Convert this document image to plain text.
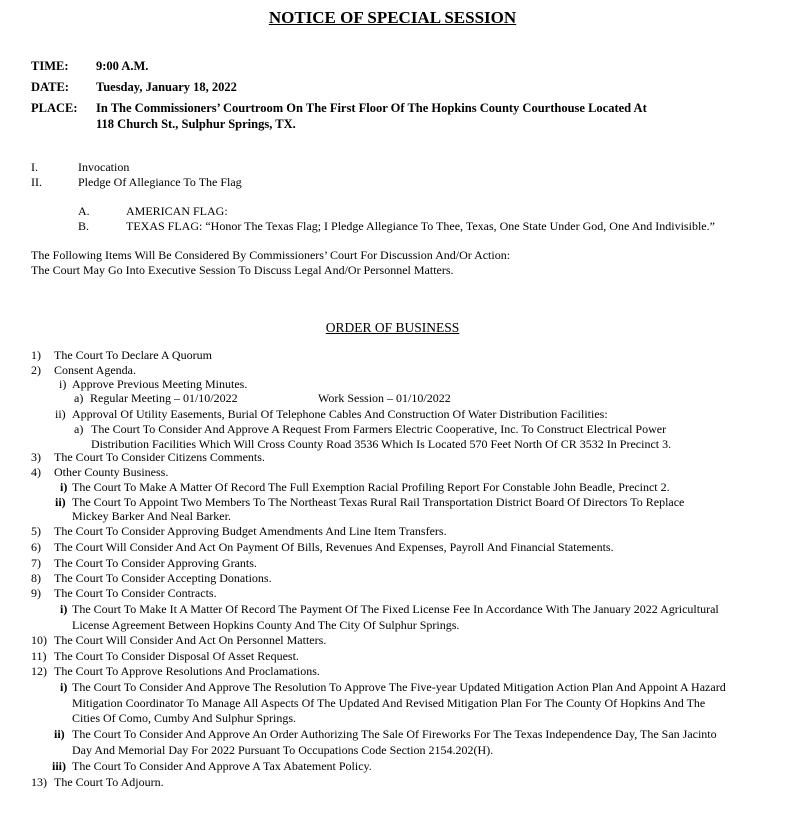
NOTICE OF SPECIAL SESSION
TIME: 9:00 A.M.
DATE: Tuesday, January 18, 2022
PLACE: In The Commissioners’ Courtroom On The First Floor Of The Hopkins County Courthouse Located At
118 Church St., Sulphur Springs, TX.
I.	Invocation
II.	Pledge Of Allegiance To The Flag
A.	AMERICAN FLAG:
B.	TEXAS FLAG: “Honor The Texas Flag; I Pledge Allegiance To Thee, Texas, One State Under God, One And Indivisible.”
The Following Items Will Be Considered By Commissioners’ Court For Discussion And/Or Action:
The Court May Go Into Executive Session To Discuss Legal And/Or Personnel Matters.
ORDER OF BUSINESS
1) The Court To Declare A Quorum
2) Consent Agenda.
i) Approve Previous Meeting Minutes.
a) Regular Meeting – 01/10/2022	Work Session – 01/10/2022
ii) Approval Of Utility Easements, Burial Of Telephone Cables And Construction Of Water Distribution Facilities:
a) The Court To Consider And Approve A Request From Farmers Electric Cooperative, Inc. To Construct Electrical Power
Distribution Facilities Which Will Cross County Road 3536 Which Is Located 570 Feet North Of CR 3532 In Precinct 3.
3) The Court To Consider Citizens Comments.
4) Other County Business.
i) The Court To Make A Matter Of Record The Full Exemption Racial Profiling Report For Constable John Beadle, Precinct 2.
ii) The Court To Appoint Two Members To The Northeast Texas Rural Rail Transportation District Board Of Directors To Replace
Mickey Barker And Neal Barker.
5) The Court To Consider Approving Budget Amendments And Line Item Transfers.
6) The Court Will Consider And Act On Payment Of Bills, Revenues And Expenses, Payroll And Financial Statements.
7) The Court To Consider Approving Grants.
8) The Court To Consider Accepting Donations.
9) The Court To Consider Contracts.
i) The Court To Make It A Matter Of Record The Payment Of The Fixed License Fee In Accordance With The January 2022 Agricultural
License Agreement Between Hopkins County And The City Of Sulphur Springs.
10) The Court Will Consider And Act On Personnel Matters.
11) The Court To Consider Disposal Of Asset Request.
12) The Court To Approve Resolutions And Proclamations.
i) The Court To Consider And Approve The Resolution To Approve The Five-year Updated Mitigation Action Plan And Appoint A Hazard
Mitigation Coordinator To Manage All Aspects Of The Updated And Revised Mitigation Plan For The County Of Hopkins And The
Cities Of Como, Cumby And Sulphur Springs.
ii) The Court To Consider And Approve An Order Authorizing The Sale Of Fireworks For The Texas Independence Day, The San Jacinto
Day And Memorial Day For 2022 Pursuant To Occupations Code Section 2154.202(H).
iii) The Court To Consider And Approve A Tax Abatement Policy.
13) The Court To Adjourn.
